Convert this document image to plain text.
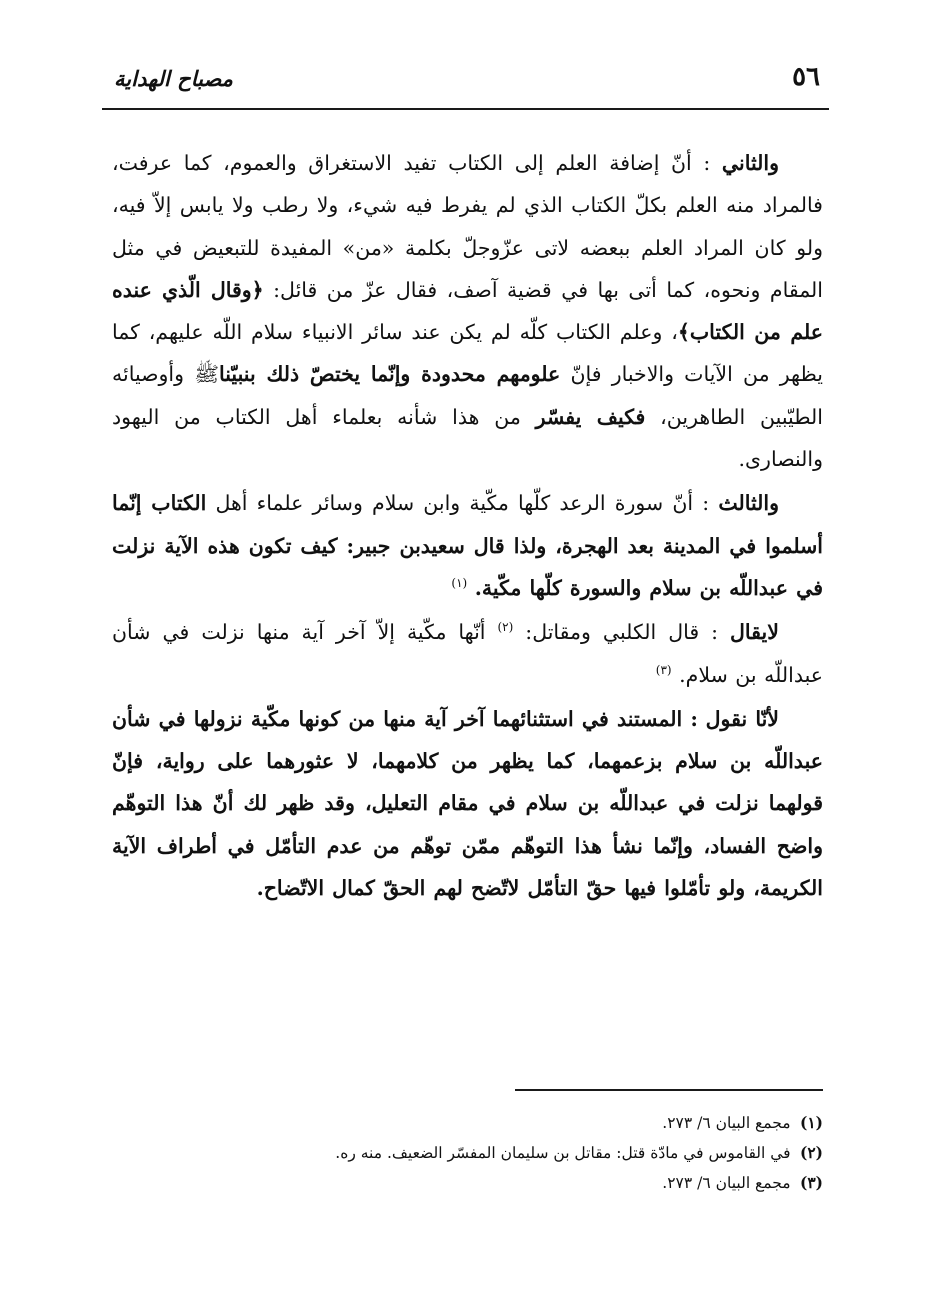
٥٦
مصباح الهداية

والثاني : أنّ إضافة العلم إلى الكتاب تفيد الاستغراق والعموم، كما عرفت، فالمراد منه العلم بكلّ الكتاب الذي لم يفرط فيه شيء، ولا رطب ولا يابس إلاّ فيه، ولو كان المراد العلم ببعضه لاتى عزّوجلّ بكلمة «من» المفيدة للتبعيض في مثل المقام ونحوه، كما أتى بها في قضية آصف، فقال عزّ من قائل: ﴿وقال الّذي عنده علم من الكتاب﴾، وعلم الكتاب كلّه لم يكن عند سائر الانبياء سلام اللّه عليهم، كما يظهر من الآيات والاخبار فإنّ علومهم محدودة وإنّما يختصّ ذلك بنبيّناﷺ وأوصيائه الطيّبين الطاهرين، فكيف يفسّر من هذا شأنه بعلماء أهل الكتاب من اليهود والنصارى.

والثالث : أنّ سورة الرعد كلّها مكّية وابن سلام وسائر علماء أهل الكتاب إنّما أسلموا في المدينة بعد الهجرة، ولذا قال سعيدبن جبير: كيف تكون هذه الآية نزلت في عبداللّه بن سلام والسورة كلّها مكّية. $^{(١)}$

لايقال : قال الكلبي ومقاتل: $^{(٢)}$ أنّها مكّية إلاّ آخر آية منها نزلت في شأن عبداللّه بن سلام. $^{(٣)}$

لأنّا نقول : المستند في استثنائهما آخر آية منها من كونها مكّية نزولها في شأن عبداللّه بن سلام بزعمهما، كما يظهر من كلامهما، لا عثورهما على رواية، فإنّ قولهما نزلت في عبداللّه بن سلام في مقام التعليل، وقد ظهر لك أنّ هذا التوهّم واضح الفساد، وإنّما نشأ هذا التوهّم ممّن توهّم من عدم التأمّل في أطراف الآية الكريمة، ولو تأمّلوا فيها حقّ التأمّل لاتّضح لهم الحقّ كمال الاتّضاح.

(١) مجمع البيان ٦/ ٢٧٣.
(٢) في القاموس في مادّة قتل: مقاتل بن سليمان المفسّر الضعيف. منه ره.
(٣) مجمع البيان ٦/ ٢٧٣.
